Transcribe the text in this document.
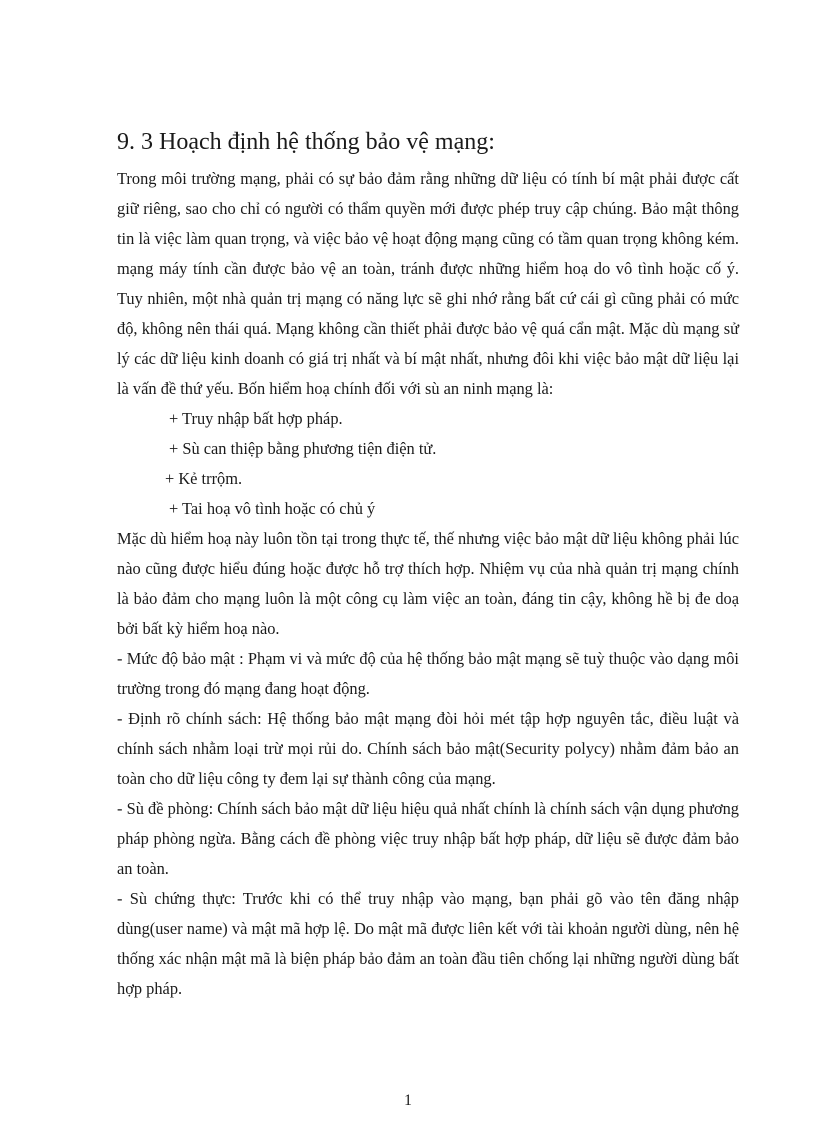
9. 3 Hoạch định hệ thống bảo vệ mạng:

Trong môi trường mạng, phải có sự bảo đảm rằng những dữ liệu có tính bí mật phải được cất giữ riêng, sao cho chỉ có người có thẩm quyền mới được phép truy cập chúng. Bảo mật thông tin là việc làm quan trọng, và việc bảo vệ hoạt động mạng cũng có tầm quan trọng không kém. mạng máy tính cần được bảo vệ an toàn, tránh được những hiểm hoạ do vô tình hoặc cố ý. Tuy nhiên, một nhà quản trị mạng có năng lực sẽ ghi nhớ rằng bất cứ cái gì cũng phải có mức độ, không nên thái quá. Mạng không cần thiết phải được bảo vệ quá cẩn mật. Mặc dù mạng sử lý các dữ liệu kinh doanh có giá trị nhất và bí mật nhất, nhưng đôi khi việc bảo mật dữ liệu lại là vấn đề thứ yếu. Bốn hiểm hoạ chính đối với sù an ninh mạng là:

+ Truy nhập bất hợp pháp.

+ Sù can thiệp bằng phương tiện điện tử.

+ Kẻ trrộm.

+ Tai hoạ vô tình hoặc có chủ ý

Mặc dù hiểm hoạ này luôn tồn tại trong thực tế, thế nhưng việc bảo mật dữ liệu không phải lúc nào cũng được hiểu đúng hoặc được hỗ trợ thích hợp. Nhiệm vụ của nhà quản trị mạng chính là bảo đảm cho mạng luôn là một công cụ làm việc an toàn, đáng tin cậy, không hề bị đe doạ bởi bất kỳ hiểm hoạ nào.

- Mức độ bảo mật : Phạm vi và mức độ của hệ thống bảo mật mạng sẽ tuỳ thuộc vào dạng môi trường trong đó mạng đang hoạt động.

- Định rõ chính sách: Hệ thống bảo mật mạng đòi hỏi mét tập hợp nguyên tắc, điều luật và chính sách nhằm loại trừ mọi rủi do. Chính sách bảo mật(Security polycy) nhằm đảm bảo an toàn cho dữ liệu công ty đem lại sự thành công của mạng.

- Sù đề phòng: Chính sách bảo mật dữ liệu hiệu quả nhất chính là chính sách vận dụng phương pháp phòng ngừa. Bằng cách đề phòng việc truy nhập bất hợp pháp, dữ liệu sẽ được đảm bảo an toàn.

- Sù chứng thực: Trước khi có thể truy nhập vào mạng, bạn phải gõ vào tên đăng nhập dùng(user name) và mật mã hợp lệ. Do mật mã được liên kết với tài khoản người dùng, nên hệ thống xác nhận mật mã là biện pháp bảo đảm an toàn đầu tiên chống lại những người dùng bất hợp pháp.

1
